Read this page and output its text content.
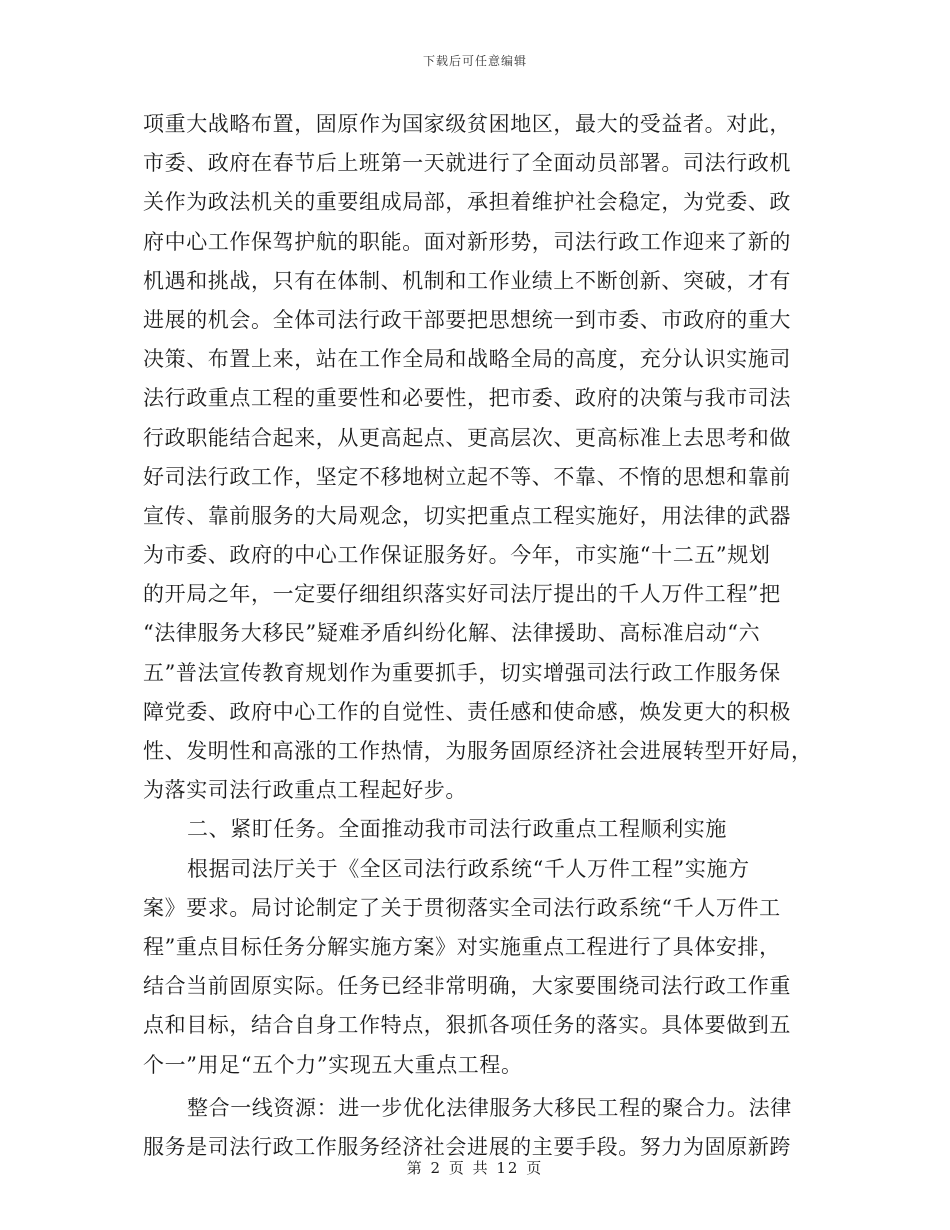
下载后可任意编辑
项重大战略布置，固原作为国家级贫困地区，最大的受益者。对此，
市委、政府在春节后上班第一天就进行了全面动员部署。司法行政机
关作为政法机关的重要组成局部，承担着维护社会稳定，为党委、政
府中心工作保驾护航的职能。面对新形势，司法行政工作迎来了新的
机遇和挑战，只有在体制、机制和工作业绩上不断创新、突破，才有
进展的机会。全体司法行政干部要把思想统一到市委、市政府的重大
决策、布置上来，站在工作全局和战略全局的高度，充分认识实施司
法行政重点工程的重要性和必要性，把市委、政府的决策与我市司法
行政职能结合起来，从更高起点、更高层次、更高标准上去思考和做
好司法行政工作，坚定不移地树立起不等、不靠、不惰的思想和靠前
宣传、靠前服务的大局观念，切实把重点工程实施好，用法律的武器
为市委、政府的中心工作保证服务好。今年，市实施“十二五”规划
的开局之年，一定要仔细组织落实好司法厅提出的千人万件工程”把
“法律服务大移民”疑难矛盾纠纷化解、法律援助、高标准启动“六
五”普法宣传教育规划作为重要抓手，切实增强司法行政工作服务保
障党委、政府中心工作的自觉性、责任感和使命感，焕发更大的积极
性、发明性和高涨的工作热情，为服务固原经济社会进展转型开好局，
为落实司法行政重点工程起好步。
二、紧盯任务。全面推动我市司法行政重点工程顺利实施
根据司法厅关于《全区司法行政系统“千人万件工程”实施方
案》要求。局讨论制定了关于贯彻落实全司法行政系统“千人万件工
程”重点目标任务分解实施方案》对实施重点工程进行了具体安排，
结合当前固原实际。任务已经非常明确，大家要围绕司法行政工作重
点和目标，结合自身工作特点，狠抓各项任务的落实。具体要做到五
个一”用足“五个力”实现五大重点工程。
整合一线资源：进一步优化法律服务大移民工程的聚合力。法律
服务是司法行政工作服务经济社会进展的主要手段。努力为固原新跨
第 2 页 共 12 页
